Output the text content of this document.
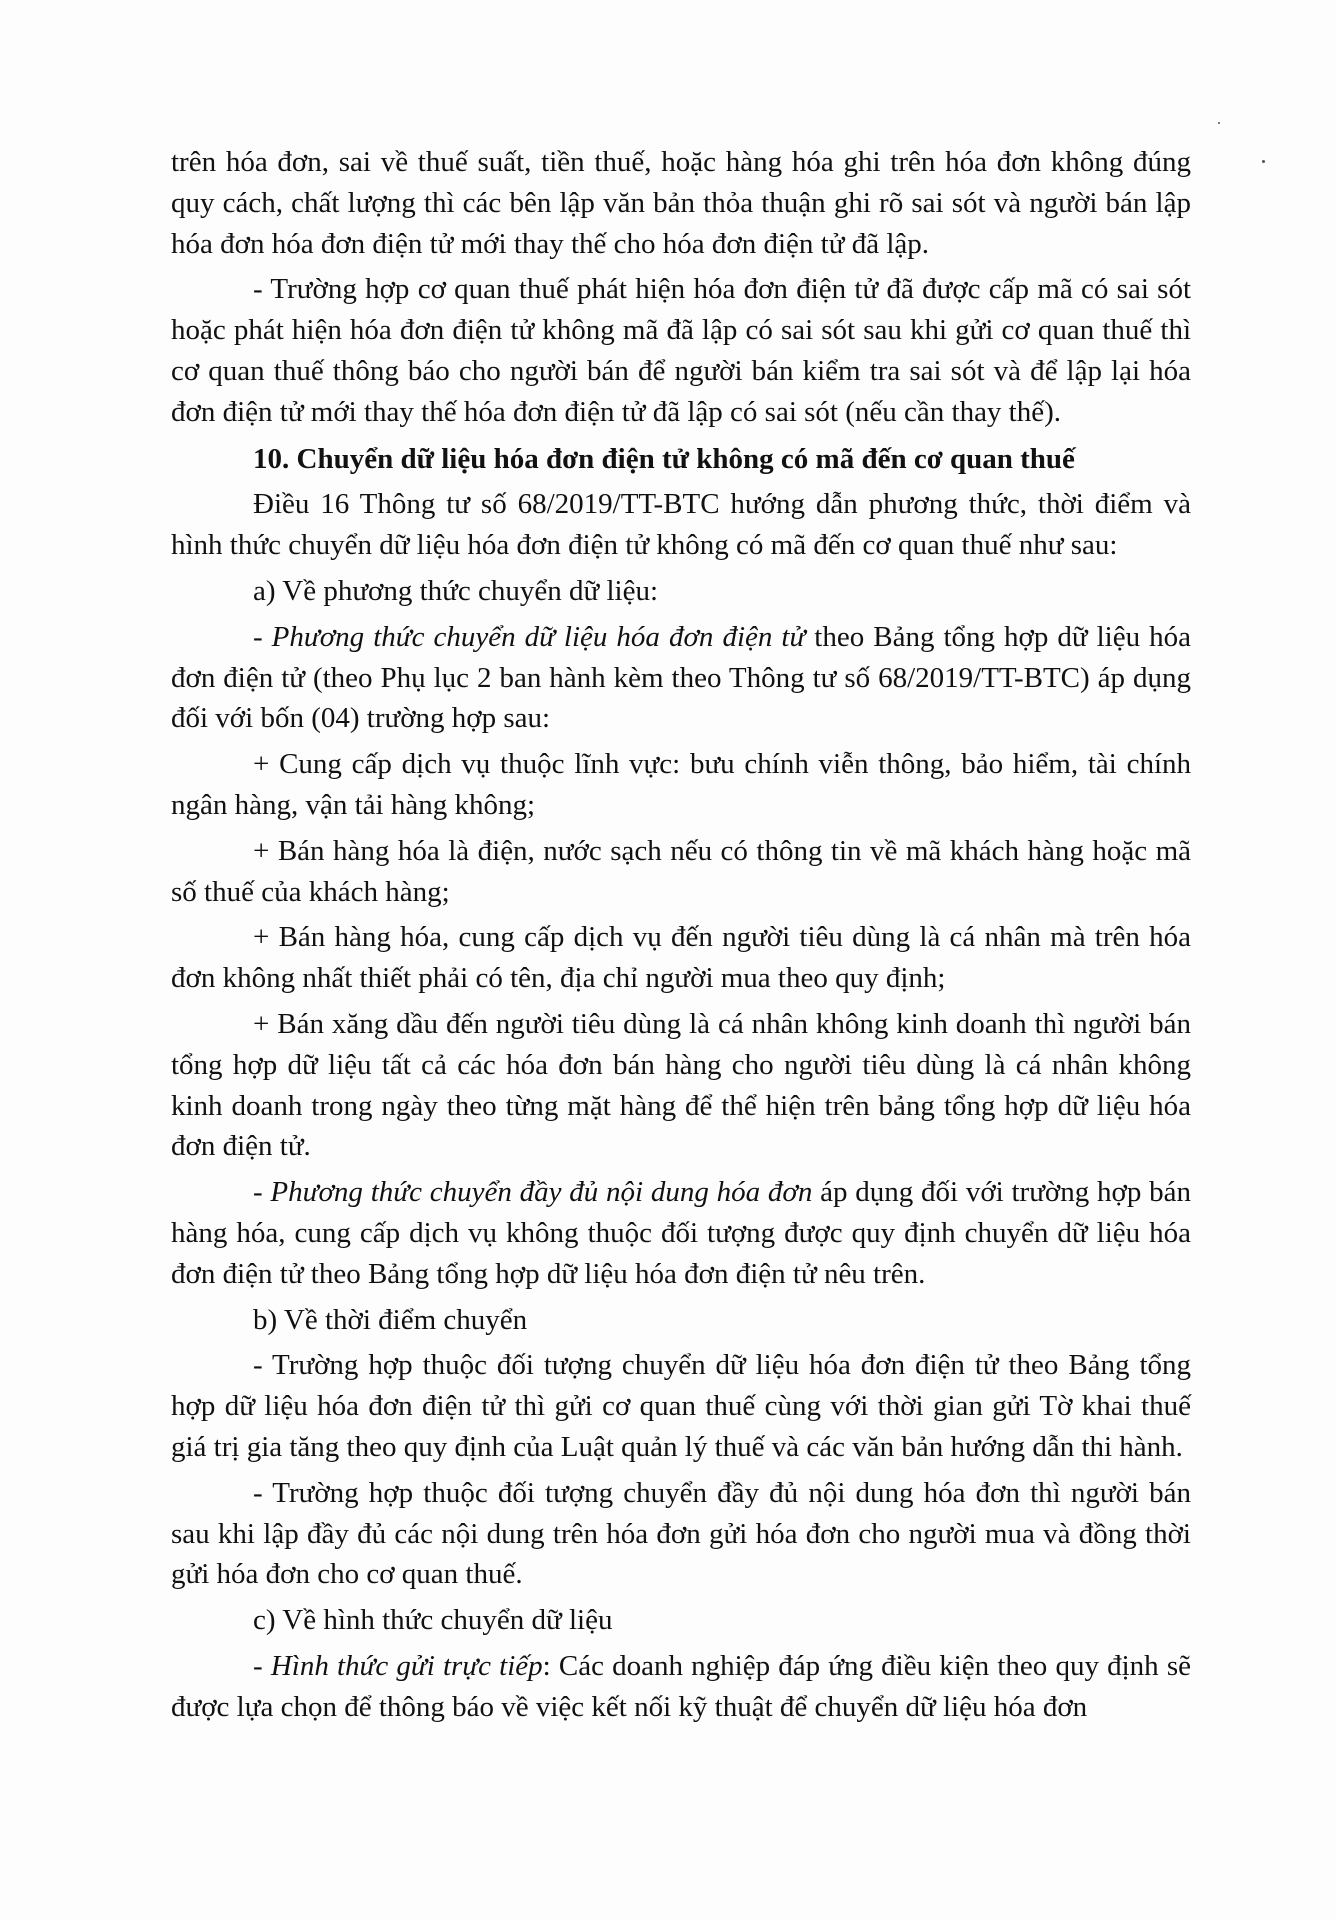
trên hóa đơn, sai về thuế suất, tiền thuế, hoặc hàng hóa ghi trên hóa đơn không đúng quy cách, chất lượng thì các bên lập văn bản thỏa thuận ghi rõ sai sót và người bán lập hóa đơn hóa đơn điện tử mới thay thế cho hóa đơn điện tử đã lập.

- Trường hợp cơ quan thuế phát hiện hóa đơn điện tử đã được cấp mã có sai sót hoặc phát hiện hóa đơn điện tử không mã đã lập có sai sót sau khi gửi cơ quan thuế thì cơ quan thuế thông báo cho người bán để người bán kiểm tra sai sót và để lập lại hóa đơn điện tử mới thay thế hóa đơn điện tử đã lập có sai sót (nếu cần thay thế).

10. Chuyển dữ liệu hóa đơn điện tử không có mã đến cơ quan thuế

Điều 16 Thông tư số 68/2019/TT-BTC hướng dẫn phương thức, thời điểm và hình thức chuyển dữ liệu hóa đơn điện tử không có mã đến cơ quan thuế như sau:

a) Về phương thức chuyển dữ liệu:

- Phương thức chuyển dữ liệu hóa đơn điện tử theo Bảng tổng hợp dữ liệu hóa đơn điện tử (theo Phụ lục 2 ban hành kèm theo Thông tư số 68/2019/TT-BTC) áp dụng đối với bốn (04) trường hợp sau:

+ Cung cấp dịch vụ thuộc lĩnh vực: bưu chính viễn thông, bảo hiểm, tài chính ngân hàng, vận tải hàng không;

+ Bán hàng hóa là điện, nước sạch nếu có thông tin về mã khách hàng hoặc mã số thuế của khách hàng;

+ Bán hàng hóa, cung cấp dịch vụ đến người tiêu dùng là cá nhân mà trên hóa đơn không nhất thiết phải có tên, địa chỉ người mua theo quy định;

+ Bán xăng dầu đến người tiêu dùng là cá nhân không kinh doanh thì người bán tổng hợp dữ liệu tất cả các hóa đơn bán hàng cho người tiêu dùng là cá nhân không kinh doanh trong ngày theo từng mặt hàng để thể hiện trên bảng tổng hợp dữ liệu hóa đơn điện tử.

- Phương thức chuyển đầy đủ nội dung hóa đơn áp dụng đối với trường hợp bán hàng hóa, cung cấp dịch vụ không thuộc đối tượng được quy định chuyển dữ liệu hóa đơn điện tử theo Bảng tổng hợp dữ liệu hóa đơn điện tử nêu trên.

b) Về thời điểm chuyển

- Trường hợp thuộc đối tượng chuyển dữ liệu hóa đơn điện tử theo Bảng tổng hợp dữ liệu hóa đơn điện tử thì gửi cơ quan thuế cùng với thời gian gửi Tờ khai thuế giá trị gia tăng theo quy định của Luật quản lý thuế và các văn bản hướng dẫn thi hành.

- Trường hợp thuộc đối tượng chuyển đầy đủ nội dung hóa đơn thì người bán sau khi lập đầy đủ các nội dung trên hóa đơn gửi hóa đơn cho người mua và đồng thời gửi hóa đơn cho cơ quan thuế.

c) Về hình thức chuyển dữ liệu

- Hình thức gửi trực tiếp: Các doanh nghiệp đáp ứng điều kiện theo quy định sẽ được lựa chọn để thông báo về việc kết nối kỹ thuật để chuyển dữ liệu hóa đơn
